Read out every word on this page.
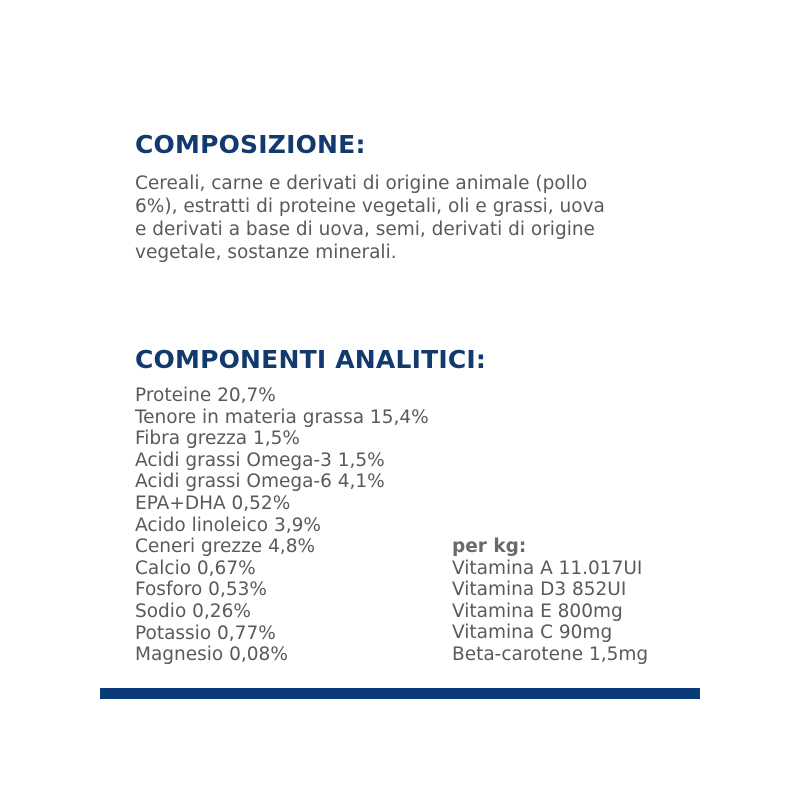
COMPOSIZIONE:
Cereali, carne e derivati di origine animale (pollo
6%), estratti di proteine vegetali, oli e grassi, uova
e derivati a base di uova, semi, derivati di origine
vegetale, sostanze minerali.
COMPONENTI ANALITICI:
Proteine 20,7%
Tenore in materia grassa 15,4%
Fibra grezza 1,5%
Acidi grassi Omega-3 1,5%
Acidi grassi Omega-6 4,1%
EPA+DHA 0,52%
Acido linoleico 3,9%
Ceneri grezze 4,8%
Calcio 0,67%
Fosforo 0,53%
Sodio 0,26%
Potassio 0,77%
Magnesio 0,08%
per kg:
Vitamina A 11.017UI
Vitamina D3 852UI
Vitamina E 800mg
Vitamina C 90mg
Beta-carotene 1,5mg
